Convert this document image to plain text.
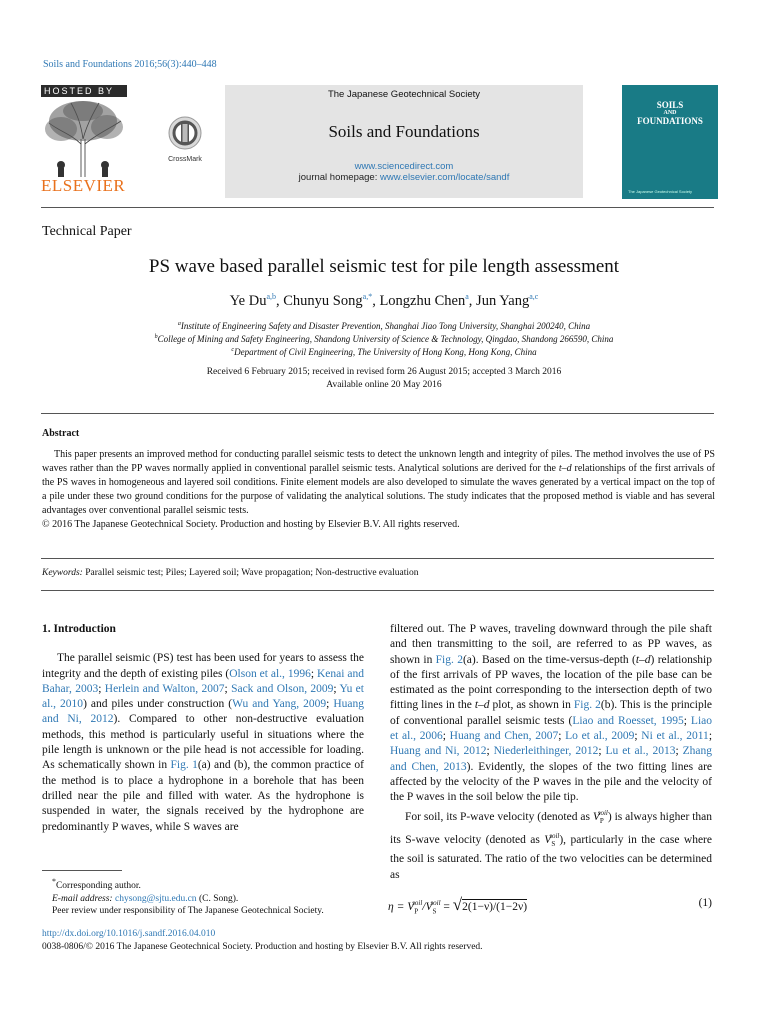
Soils and Foundations 2016;56(3):440–448
HOSTED BY
ELSEVIER
CrossMark
The Japanese Geotechnical Society
Soils and Foundations
www.sciencedirect.com
journal homepage: www.elsevier.com/locate/sandf
SOILS
AND
FOUNDATIONS
The Japanese Geotechnical Society
Technical Paper
PS wave based parallel seismic test for pile length assessment
Ye Du$^{a,b}$, Chunyu Song$^{a,*}$, Longzhu Chen$^a$, Jun Yang$^{a,c}$
$^a$Institute of Engineering Safety and Disaster Prevention, Shanghai Jiao Tong University, Shanghai 200240, China
$^b$College of Mining and Safety Engineering, Shandong University of Science & Technology, Qingdao, Shandong 266590, China
$^c$Department of Civil Engineering, The University of Hong Kong, Hong Kong, China
Received 6 February 2015; received in revised form 26 August 2015; accepted 3 March 2016
Available online 20 May 2016
Abstract

This paper presents an improved method for conducting parallel seismic tests to detect the unknown length and integrity of piles. The method involves the use of PS waves rather than the PP waves normally applied in conventional parallel seismic tests. Analytical solutions are derived for the t–d relationships of the first arrivals of the PS waves in homogeneous and layered soil conditions. Finite element models are also developed to simulate the waves generated by a vertical impact on the top of a pile under these two ground conditions for the purpose of validating the analytical solutions. The study indicates that the proposed method is viable and has several advantages over conventional parallel seismic tests.

© 2016 The Japanese Geotechnical Society. Production and hosting by Elsevier B.V. All rights reserved.
Keywords: Parallel seismic test; Piles; Layered soil; Wave propagation; Non-destructive evaluation
1. Introduction

The parallel seismic (PS) test has been used for years to assess the integrity and the depth of existing piles (Olson et al., 1996; Kenai and Bahar, 2003; Herlein and Walton, 2007; Sack and Olson, 2009; Yu et al., 2010) and piles under construction (Wu and Yang, 2009; Huang and Ni, 2012). Compared to other non-destructive evaluation methods, this method is particularly useful in situations where the pile length is unknown or the pile head is not accessible for loading. As schematically shown in Fig. 1(a) and (b), the common practice of the method is to place a hydrophone in a borehole that has been drilled near the pile and filled with water. As the hydrophone is suspended in water, the signals received by the hydrophone are predominantly P waves, while S waves are

filtered out. The P waves, traveling downward through the pile shaft and then transmitting to the soil, are referred to as PP waves, as shown in Fig. 2(a). Based on the time-versus-depth (t–d) relationship of the first arrivals of PP waves, the location of the pile base can be estimated as the point corresponding to the intersection depth of two fitting lines in the t–d plot, as shown in Fig. 2(b). This is the principle of conventional parallel seismic tests (Liao and Roesset, 1995; Liao et al., 2006; Huang and Chen, 2007; Lo et al., 2009; Ni et al., 2011; Huang and Ni, 2012; Niederleithinger, 2012; Lu et al., 2013; Zhang and Chen, 2013). Evidently, the slopes of the two fitting lines are affected by the velocity of the P waves in the pile and the velocity of the P waves in the soil below the pile tip.

For soil, its P-wave velocity (denoted as $V_P^{soil}$) is always higher than its S-wave velocity (denoted as $V_S^{soil}$), particularly in the case where the soil is saturated. The ratio of the two velocities can be determined as

$\eta = V_P^{soil}/V_S^{soil} = √2(1-\nu)/(1-2\nu)$	(1)
*Corresponding author.
E-mail address: chysong@sjtu.edu.cn (C. Song).
Peer review under responsibility of The Japanese Geotechnical Society.
http://dx.doi.org/10.1016/j.sandf.2016.04.010
0038-0806/© 2016 The Japanese Geotechnical Society. Production and hosting by Elsevier B.V. All rights reserved.
